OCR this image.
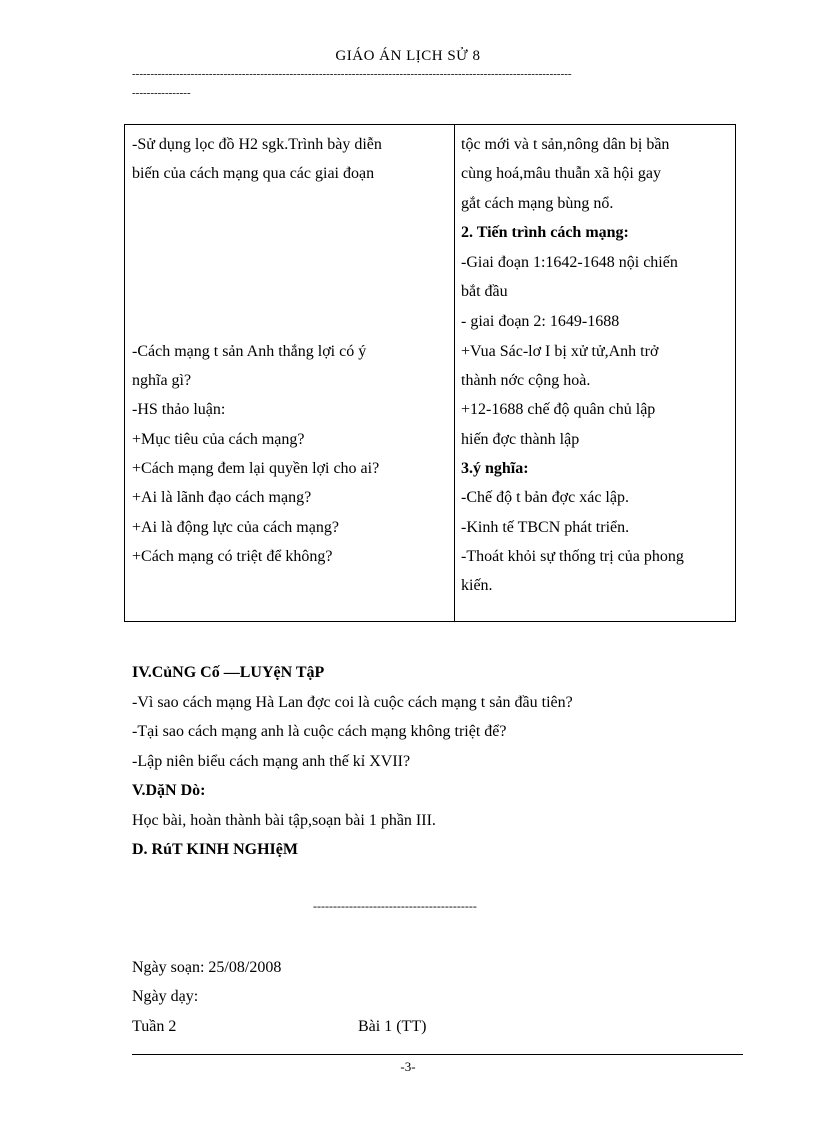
GIÁO ÁN LỊCH SỬ 8
------------------------------------------------------------------------------------------------------------------------
----------------
-Sử dụng lọc đồ H2 sgk.Trình bày diễn
biến của cách mạng qua các giai đoạn
-Cách mạng t sản Anh thắng lợi có ý
nghĩa gì?
-HS thảo luận:
+Mục tiêu của cách mạng?
+Cách mạng đem lại quyền lợi cho ai?
+Ai là lãnh đạo cách mạng?
+Ai là động lực của cách mạng?
+Cách mạng có triệt để không?
tộc mới và t sản,nông dân bị bần
cùng hoá,mâu thuẫn xã hội gay
gắt cách mạng bùng nổ.
2. Tiến trình cách mạng:
-Giai đoạn 1:1642-1648 nội chiến
bắt đầu
- giai đoạn 2: 1649-1688
+Vua Sác-lơ I bị xử tử,Anh trở
thành nớc cộng hoà.
+12-1688 chế độ quân chủ lập
hiến đợc thành lập
3.ý nghĩa:
-Chế độ t bản đợc xác lập.
-Kinh tế TBCN phát triển.
-Thoát khỏi sự thống trị của phong
kiến.
IV.CủNG Cố —LUYệN TậP
-Vì sao cách mạng Hà Lan đợc coi là cuộc cách mạng t sản đầu tiên?
-Tại sao cách mạng anh là cuộc cách mạng không triệt để?
-Lập niên biểu cách mạng anh thế kỉ XVII?
V.DặN Dò:
Học bài, hoàn thành bài tập,soạn bài 1 phần III.
D. RúT KINH NGHIệM
-----------------------------------------
Ngày soạn: 25/08/2008
Ngày dạy:
Tuần 2	Bài 1 (TT)
-3-
